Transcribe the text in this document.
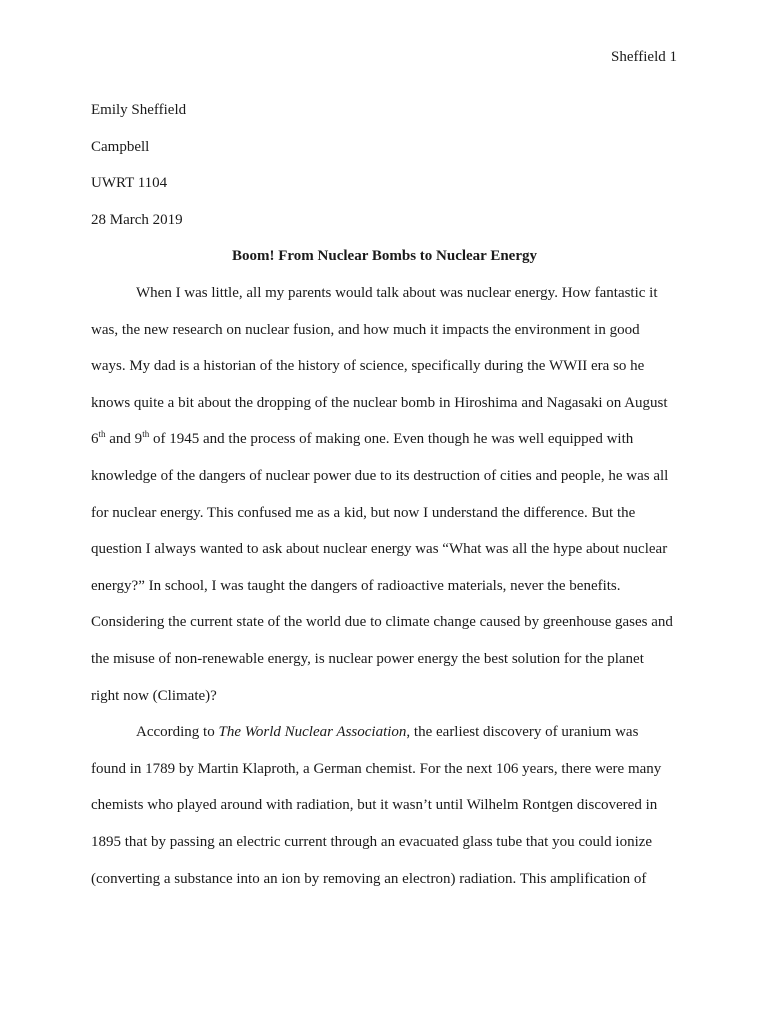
Sheffield 1
Emily Sheffield
Campbell
UWRT 1104
28 March 2019
Boom! From Nuclear Bombs to Nuclear Energy
When I was little, all my parents would talk about was nuclear energy. How fantastic it
was, the new research on nuclear fusion, and how much it impacts the environment in good
ways. My dad is a historian of the history of science, specifically during the WWII era so he
knows quite a bit about the dropping of the nuclear bomb in Hiroshima and Nagasaki on August
6th and 9th of 1945 and the process of making one. Even though he was well equipped with
knowledge of the dangers of nuclear power due to its destruction of cities and people, he was all
for nuclear energy. This confused me as a kid, but now I understand the difference. But the
question I always wanted to ask about nuclear energy was “What was all the hype about nuclear
energy?” In school, I was taught the dangers of radioactive materials, never the benefits.
Considering the current state of the world due to climate change caused by greenhouse gases and
the misuse of non-renewable energy, is nuclear power energy the best solution for the planet
right now (Climate)?
According to The World Nuclear Association, the earliest discovery of uranium was
found in 1789 by Martin Klaproth, a German chemist. For the next 106 years, there were many
chemists who played around with radiation, but it wasn’t until Wilhelm Rontgen discovered in
1895 that by passing an electric current through an evacuated glass tube that you could ionize
(converting a substance into an ion by removing an electron) radiation. This amplification of
